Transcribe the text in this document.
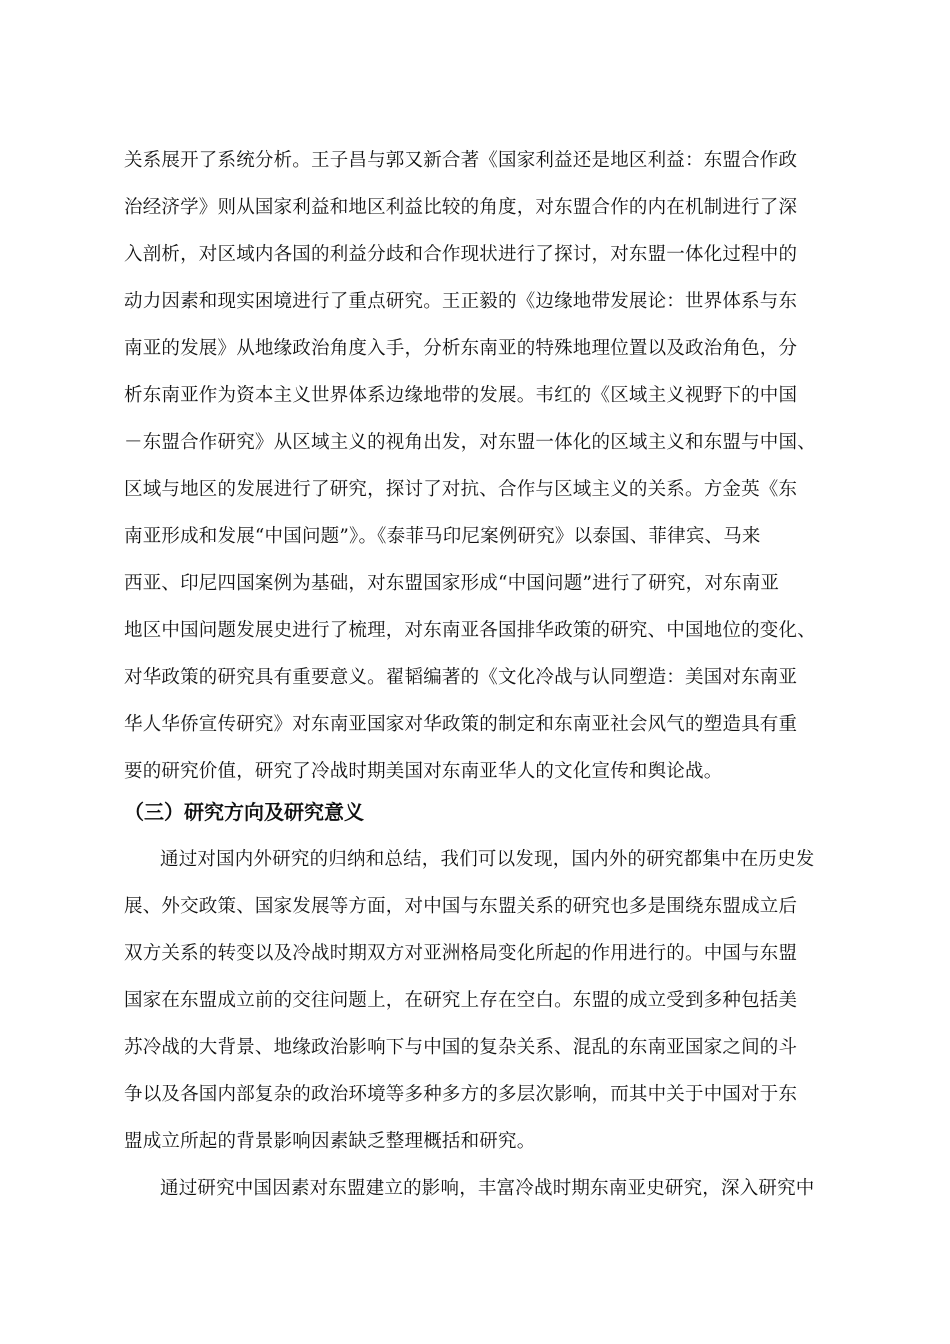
关系展开了系统分析。王子昌与郭又新合著《国家利益还是地区利益：东盟合作政
治经济学》则从国家利益和地区利益比较的角度，对东盟合作的内在机制进行了深
入剖析，对区域内各国的利益分歧和合作现状进行了探讨，对东盟一体化过程中的
动力因素和现实困境进行了重点研究。王正毅的《边缘地带发展论：世界体系与东
南亚的发展》从地缘政治角度入手，分析东南亚的特殊地理位置以及政治角色，分
析东南亚作为资本主义世界体系边缘地带的发展。韦红的《区域主义视野下的中国
－东盟合作研究》从区域主义的视角出发，对东盟一体化的区域主义和东盟与中国、
区域与地区的发展进行了研究，探讨了对抗、合作与区域主义的关系。方金英《东
南亚形成和发展“中国问题”》。《泰菲马印尼案例研究》以泰国、菲律宾、马来
西亚、印尼四国案例为基础，对东盟国家形成“中国问题”进行了研究，对东南亚
地区中国问题发展史进行了梳理，对东南亚各国排华政策的研究、中国地位的变化、
对华政策的研究具有重要意义。翟韬编著的《文化冷战与认同塑造：美国对东南亚
华人华侨宣传研究》对东南亚国家对华政策的制定和东南亚社会风气的塑造具有重
要的研究价值，研究了冷战时期美国对东南亚华人的文化宣传和舆论战。
（三）研究方向及研究意义
通过对国内外研究的归纳和总结，我们可以发现，国内外的研究都集中在历史发
展、外交政策、国家发展等方面，对中国与东盟关系的研究也多是围绕东盟成立后
双方关系的转变以及冷战时期双方对亚洲格局变化所起的作用进行的。中国与东盟
国家在东盟成立前的交往问题上，在研究上存在空白。东盟的成立受到多种包括美
苏冷战的大背景、地缘政治影响下与中国的复杂关系、混乱的东南亚国家之间的斗
争以及各国内部复杂的政治环境等多种多方的多层次影响，而其中关于中国对于东
盟成立所起的背景影响因素缺乏整理概括和研究。
通过研究中国因素对东盟建立的影响，丰富冷战时期东南亚史研究，深入研究中
